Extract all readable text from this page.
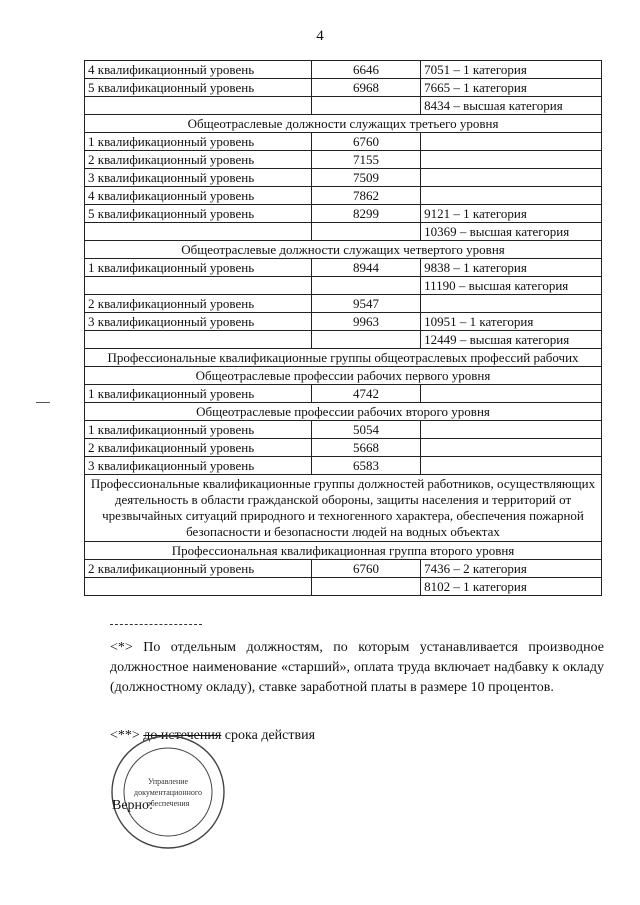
4
4 квалификационный уровень	6646	7051 – 1 категория
5 квалификационный уровень	6968	7665 – 1 категория
		8434 – высшая категория
Общеотраслевые должности служащих третьего уровня		
1 квалификационный уровень	6760	
2 квалификационный уровень	7155	
3 квалификационный уровень	7509	
4 квалификационный уровень	7862	
5 квалификационный уровень	8299	9121 – 1 категория
		10369 – высшая категория
Общеотраслевые должности служащих четвертого уровня		
1 квалификационный уровень	8944	9838 – 1 категория
		11190 – высшая категория
2 квалификационный уровень	9547	
3 квалификационный уровень	9963	10951 – 1 категория
		12449 – высшая категория
Профессиональные квалификационные группы общеотраслевых профессий рабочих		
Общеотраслевые профессии рабочих первого уровня		
1 квалификационный уровень	4742	
Общеотраслевые профессии рабочих второго уровня		
1 квалификационный уровень	5054	
2 квалификационный уровень	5668	
3 квалификационный уровень	6583	
Профессиональные квалификационные группы должностей работников, осуществляющих деятельность в области гражданской обороны, защиты населения и территорий от чрезвычайных ситуаций природного и техногенного характера, обеспечения пожарной безопасности и безопасности людей на водных объектах		
Профессиональная квалификационная группа второго уровня		
2 квалификационный уровень	6760	7436 – 2 категория
		8102 – 1 категория
<*> По отдельным должностям, по которым устанавливается производное должностное наименование «старший», оплата труда включает надбавку к окладу (должностному окладу), ставке заработной платы в размере 10 процентов.
<**> до истечения срока действия
Управление
документационного
обеспечения
Верно:
